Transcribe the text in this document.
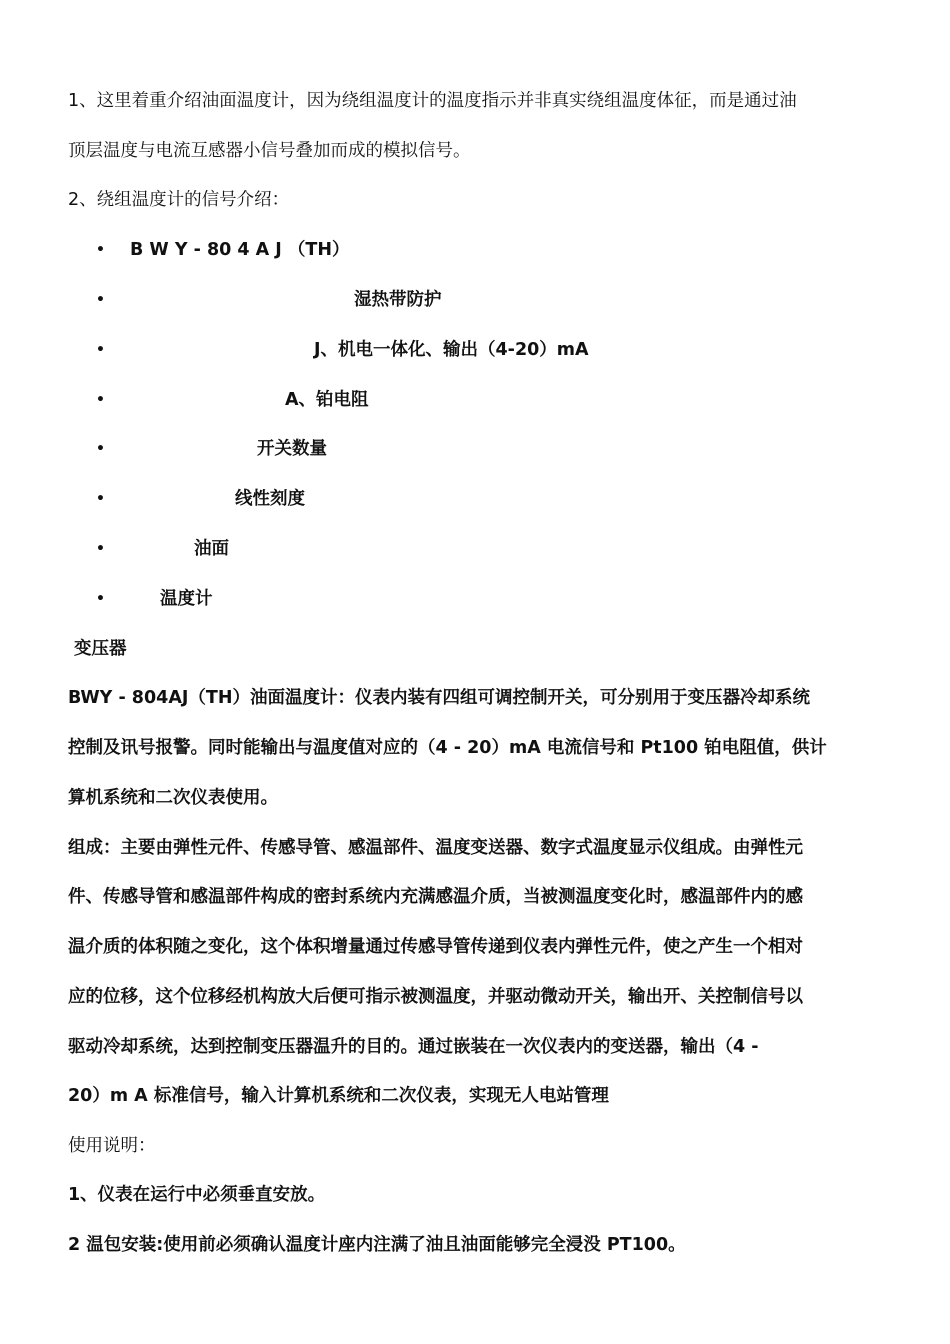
1、这里着重介绍油面温度计，因为绕组温度计的温度指示并非真实绕组温度体征，而是通过油
顶层温度与电流互感器小信号叠加而成的模拟信号。
2、绕组温度计的信号介绍：
• B W Y - 80 4 A J （TH）
•	湿热带防护
•	J、机电一体化、输出（4-20）mA
•	A、铂电阻
•	开关数量
•	线性刻度
•	油面
•	温度计
变压器
BWY - 804AJ（TH）油面温度计：仪表内装有四组可调控制开关，可分别用于变压器冷却系统
控制及讯号报警。同时能输出与温度值对应的（4 - 20）mA 电流信号和 Pt100 铂电阻值，供计
算机系统和二次仪表使用。
组成：主要由弹性元件、传感导管、感温部件、温度变送器、数字式温度显示仪组成。由弹性元
件、传感导管和感温部件构成的密封系统内充满感温介质，当被测温度变化时，感温部件内的感
温介质的体积随之变化，这个体积增量通过传感导管传递到仪表内弹性元件，使之产生一个相对
应的位移，这个位移经机构放大后便可指示被测温度，并驱动微动开关，输出开、关控制信号以
驱动冷却系统，达到控制变压器温升的目的。通过嵌装在一次仪表内的变送器，输出（4 -
20）m A 标准信号，输入计算机系统和二次仪表，实现无人电站管理
使用说明：
1、仪表在运行中必须垂直安放。
2 温包安装:使用前必须确认温度计座内注满了油且油面能够完全浸没 PT100。
